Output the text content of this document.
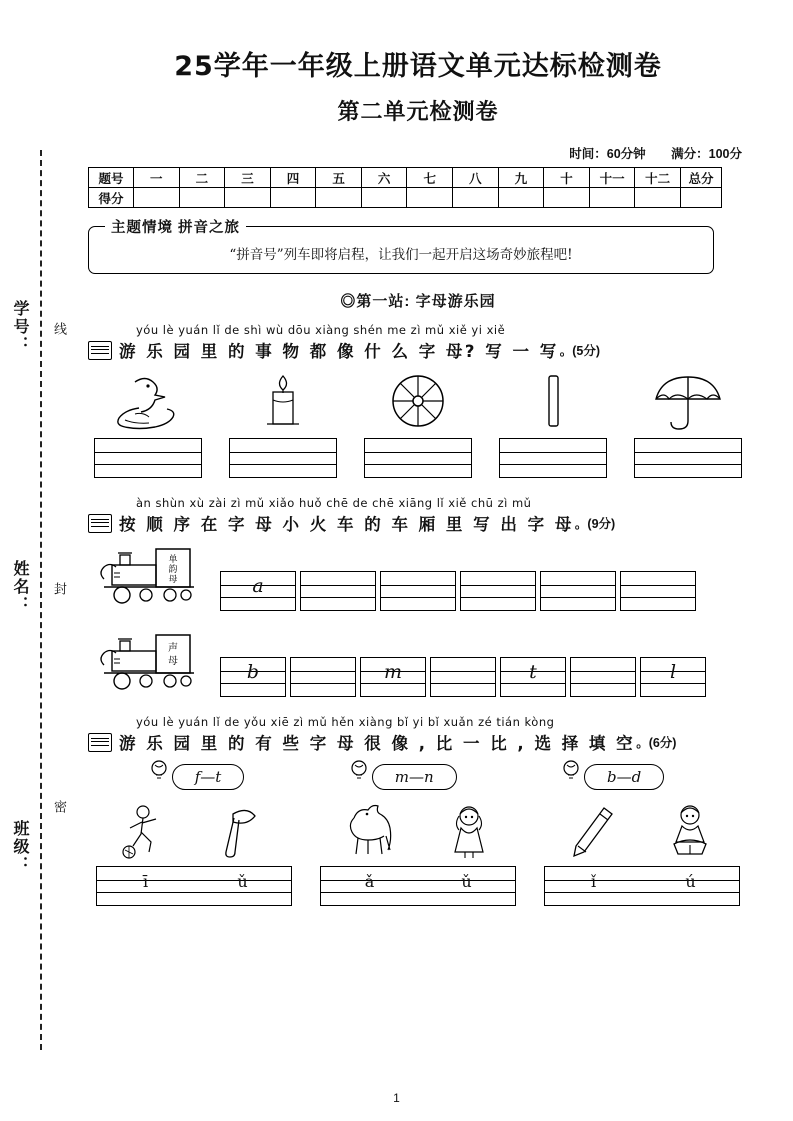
学号：
姓名：
班级：
线
封
密
25学年一年级上册语文单元达标检测卷
第二单元检测卷
时间：60分钟 满分：100分
题号	一	二	三	四	五	六	七	八	九	十	十一	十二	总分
得分													
主题情境 拼音之旅
“拼音号”列车即将启程，让我们一起开启这场奇妙旅程吧!
◎第一站: 字母游乐园
yóu lè yuán lǐ de shì wù dōu xiàng shén me zì mǔ xiě yi xiě
游 乐 园 里 的 事 物 都 像 什 么 字 母? 写 一 写 。(5分)
àn shùn xù zài zì mǔ xiǎo huǒ chē de chē xiāng lǐ xiě chū zì mǔ
按 顺 序 在 字 母 小 火 车 的 车 厢 里 写 出 字 母 。(9分)
单
韵
母	a
声
母	b	m	t	l
yóu lè yuán lǐ de yǒu xiē zì mǔ hěn xiàng bǐ yi bǐ xuǎn zé tián kòng
游 乐 园 里 的 有 些 字 母 很 像 , 比 一 比 , 选 择 填 空 。(6分)
f—t	m—n	b—d
ī	ǔ	ǎ	ǔ	ǐ	ú
1
